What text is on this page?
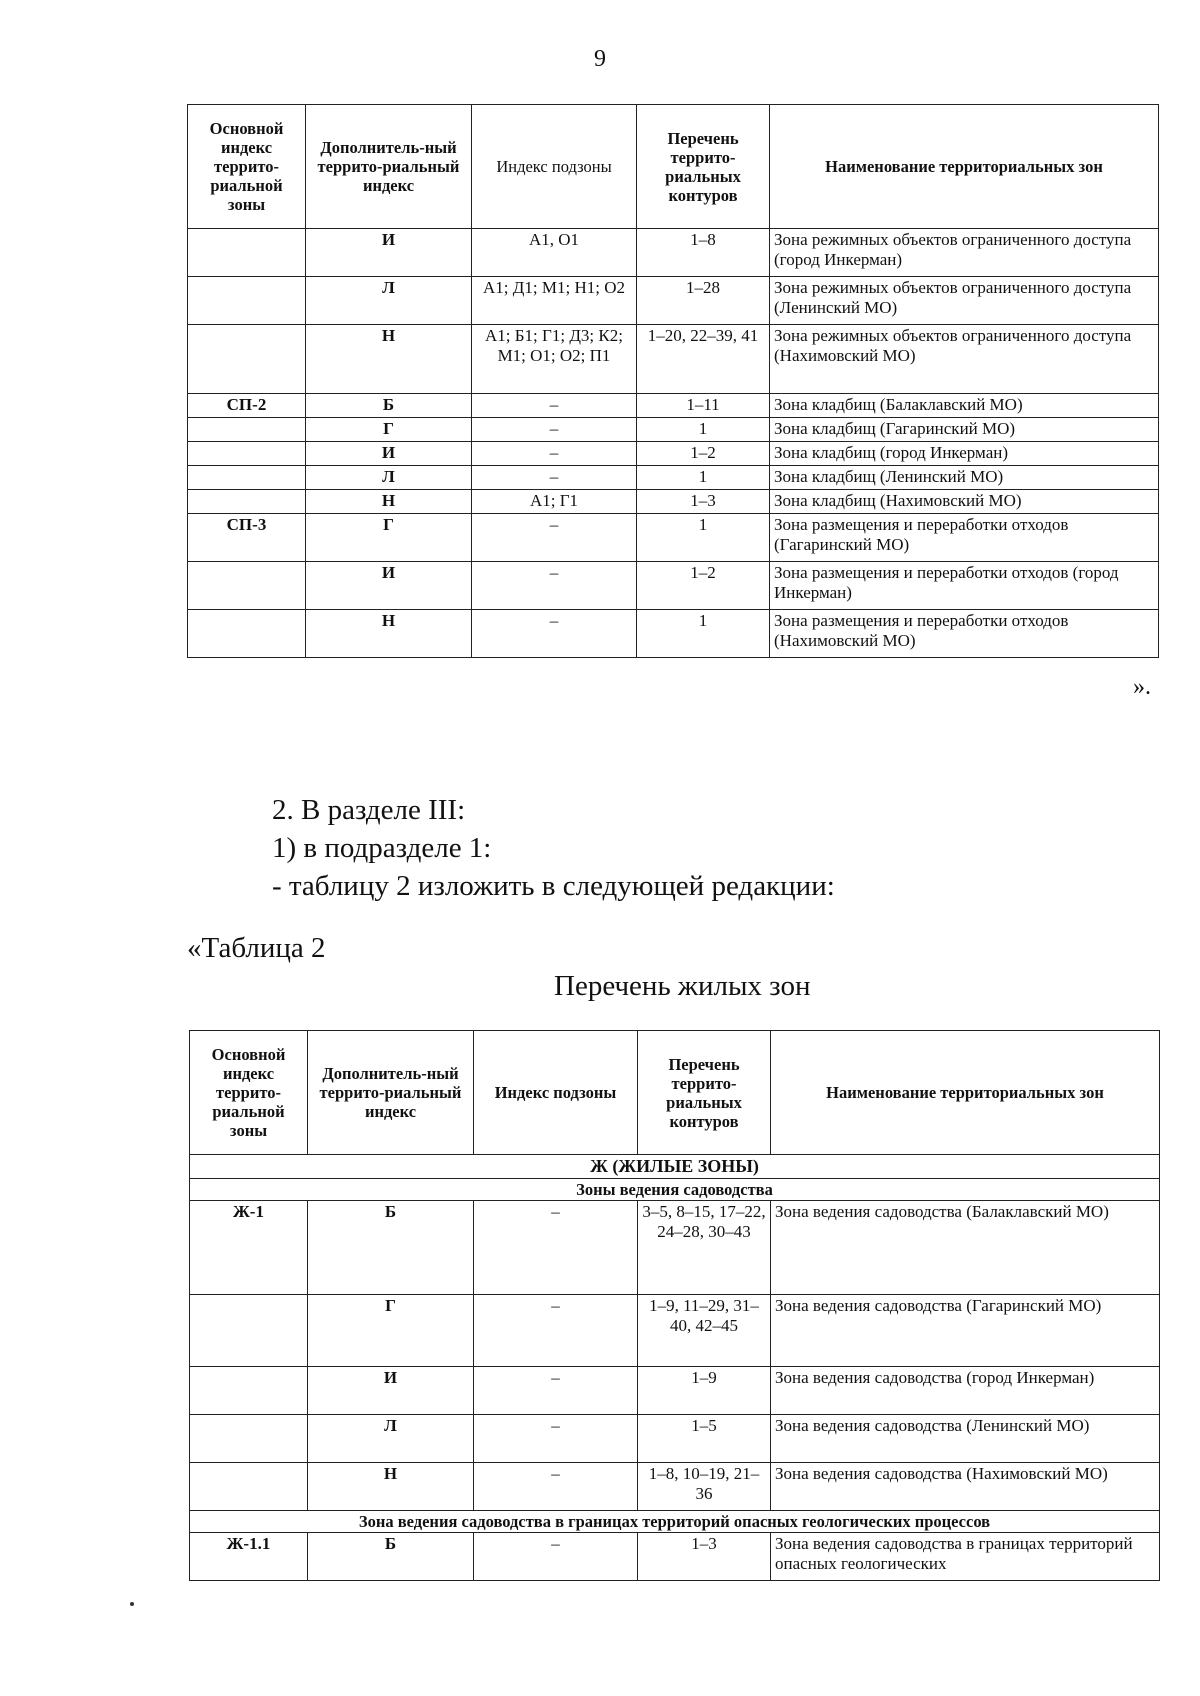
9
Основной индекс террито-риальной зоны	Дополнитель-ный террито-риальный индекс	Индекс подзоны	Перечень террито-риальных контуров	Наименование территориальных зон
	И	А1, О1	1–8	Зона режимных объектов ограниченного доступа (город Инкерман)
	Л	А1; Д1; М1; Н1; О2	1–28	Зона режимных объектов ограниченного доступа (Ленинский МО)
	Н	А1; Б1; Г1; Д3; К2; М1; О1; О2; П1	1–20, 22–39, 41	Зона режимных объектов ограниченного доступа (Нахимовский МО)
СП-2	Б	–	1–11	Зона кладбищ (Балаклавский МО)
	Г	–	1	Зона кладбищ (Гагаринский МО)
	И	–	1–2	Зона кладбищ (город Инкерман)
	Л	–	1	Зона кладбищ (Ленинский МО)
	Н	А1; Г1	1–3	Зона кладбищ (Нахимовский МО)
СП-3	Г	–	1	Зона размещения и переработки отходов (Гагаринский МО)
	И	–	1–2	Зона размещения и переработки отходов (город Инкерман)
	Н	–	1	Зона размещения и переработки отходов (Нахимовский МО)
».
2. В разделе III:
1) в подразделе 1:
- таблицу 2 изложить в следующей редакции:
«Таблица 2
Перечень жилых зон
Основной индекс террито-риальной зоны	Дополнитель-ный террито-риальный индекс	Индекс подзоны	Перечень террито-риальных контуров	Наименование территориальных зон
Ж (ЖИЛЫЕ ЗОНЫ)				
Зоны ведения садоводства				
Ж-1	Б	–	3–5, 8–15, 17–22, 24–28, 30–43	Зона ведения садоводства (Балаклавский МО)
	Г	–	1–9, 11–29, 31–40, 42–45	Зона ведения садоводства (Гагаринский МО)
	И	–	1–9	Зона ведения садоводства (город Инкерман)
	Л	–	1–5	Зона ведения садоводства (Ленинский МО)
	Н	–	1–8, 10–19, 21–36	Зона ведения садоводства (Нахимовский МО)
Зона ведения садоводства в границах территорий опасных геологических процессов				
Ж-1.1	Б	–	1–3	Зона ведения садоводства в границах территорий опасных геологических
